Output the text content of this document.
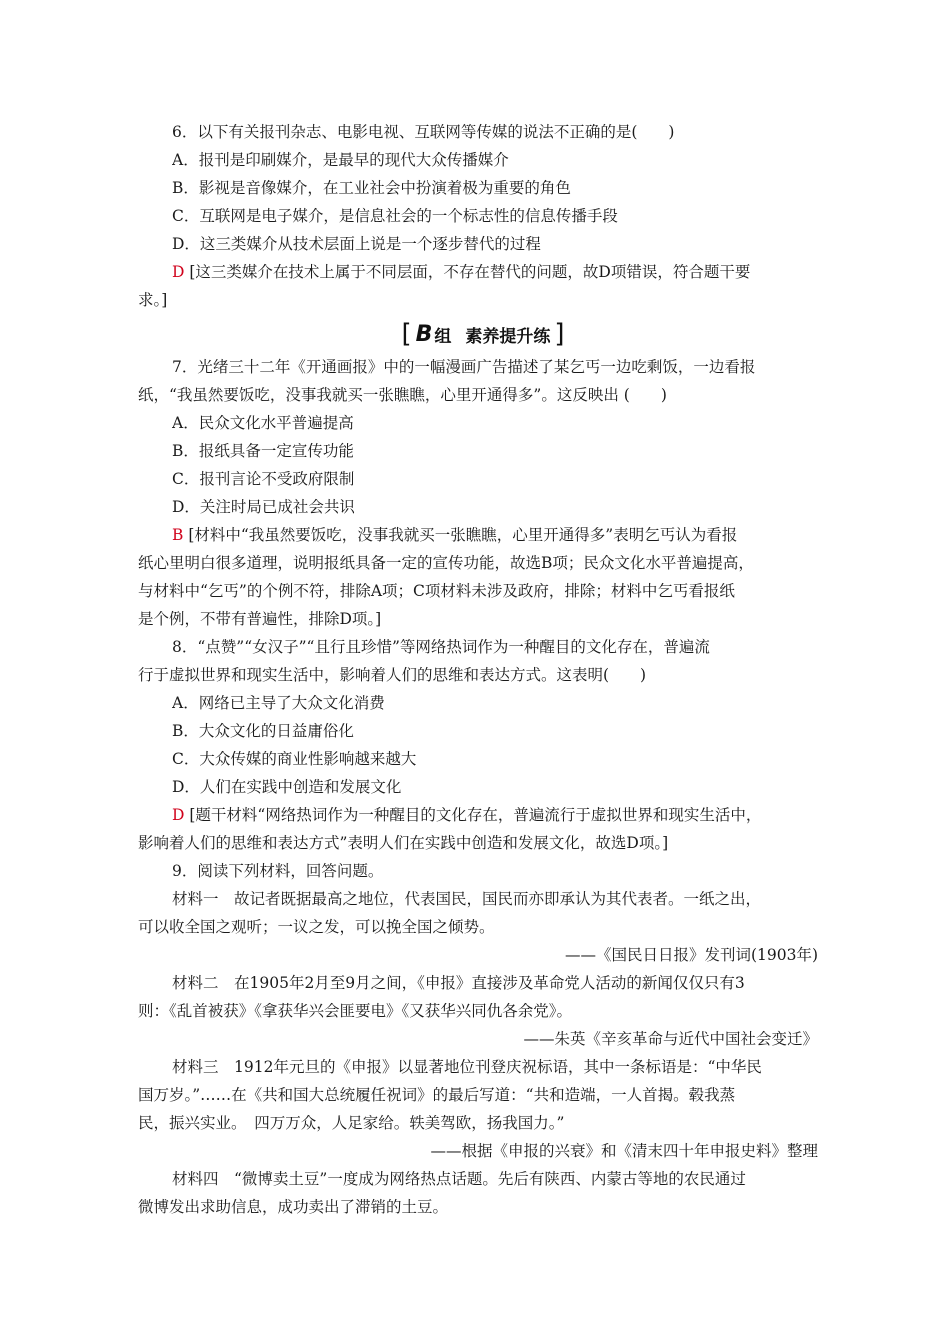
6．以下有关报刊杂志、电影电视、互联网等传媒的说法不正确的是(　　)
A．报刊是印刷媒介，是最早的现代大众传播媒介
B．影视是音像媒介，在工业社会中扮演着极为重要的角色
C．互联网是电子媒介，是信息社会的一个标志性的信息传播手段
D．这三类媒介从技术层面上说是一个逐步替代的过程
D [这三类媒介在技术上属于不同层面，不存在替代的问题，故D项错误，符合题干要
求。]
[ B 组 素养提升练 ]
7．光绪三十二年《开通画报》中的一幅漫画广告描述了某乞丐一边吃剩饭，一边看报
纸，“我虽然要饭吃，没事我就买一张瞧瞧，心里开通得多”。这反映出 (　　)
A．民众文化水平普遍提高
B．报纸具备一定宣传功能
C．报刊言论不受政府限制
D．关注时局已成社会共识
B [材料中“我虽然要饭吃，没事我就买一张瞧瞧，心里开通得多”表明乞丐认为看报
纸心里明白很多道理，说明报纸具备一定的宣传功能，故选B项；民众文化水平普遍提高，
与材料中“乞丐”的个例不符，排除A项；C项材料未涉及政府，排除；材料中乞丐看报纸
是个例，不带有普遍性，排除D项。]
8．“点赞”“女汉子”“且行且珍惜”等网络热词作为一种醒目的文化存在，普遍流
行于虚拟世界和现实生活中，影响着人们的思维和表达方式。这表明(　　)
A．网络已主导了大众文化消费
B．大众文化的日益庸俗化
C．大众传媒的商业性影响越来越大
D．人们在实践中创造和发展文化
D [题干材料“网络热词作为一种醒目的文化存在，普遍流行于虚拟世界和现实生活中，
影响着人们的思维和表达方式”表明人们在实践中创造和发展文化，故选D项。]
9．阅读下列材料，回答问题。
材料一　故记者既据最高之地位，代表国民，国民而亦即承认为其代表者。一纸之出，
可以收全国之观听；一议之发，可以挽全国之倾势。
——《国民日日报》发刊词(1903年)
材料二　在1905年2月至9月之间，《申报》直接涉及革命党人活动的新闻仅仅只有3
则：《乱首被获》《拿获华兴会匪要电》《又获华兴同仇各余党》。
——朱英《辛亥革命与近代中国社会变迁》
材料三　1912年元旦的《申报》以显著地位刊登庆祝标语，其中一条标语是：“中华民
国万岁。”……在《共和国大总统履任祝词》的最后写道：“共和造端，一人首揭。毂我蒸
民，振兴实业。　四万万众，人足家给。轶美驾欧，扬我国力。”
——根据《申报的兴衰》和《清末四十年申报史料》整理
材料四　“微博卖土豆”一度成为网络热点话题。先后有陕西、内蒙古等地的农民通过
微博发出求助信息，成功卖出了滞销的土豆。
